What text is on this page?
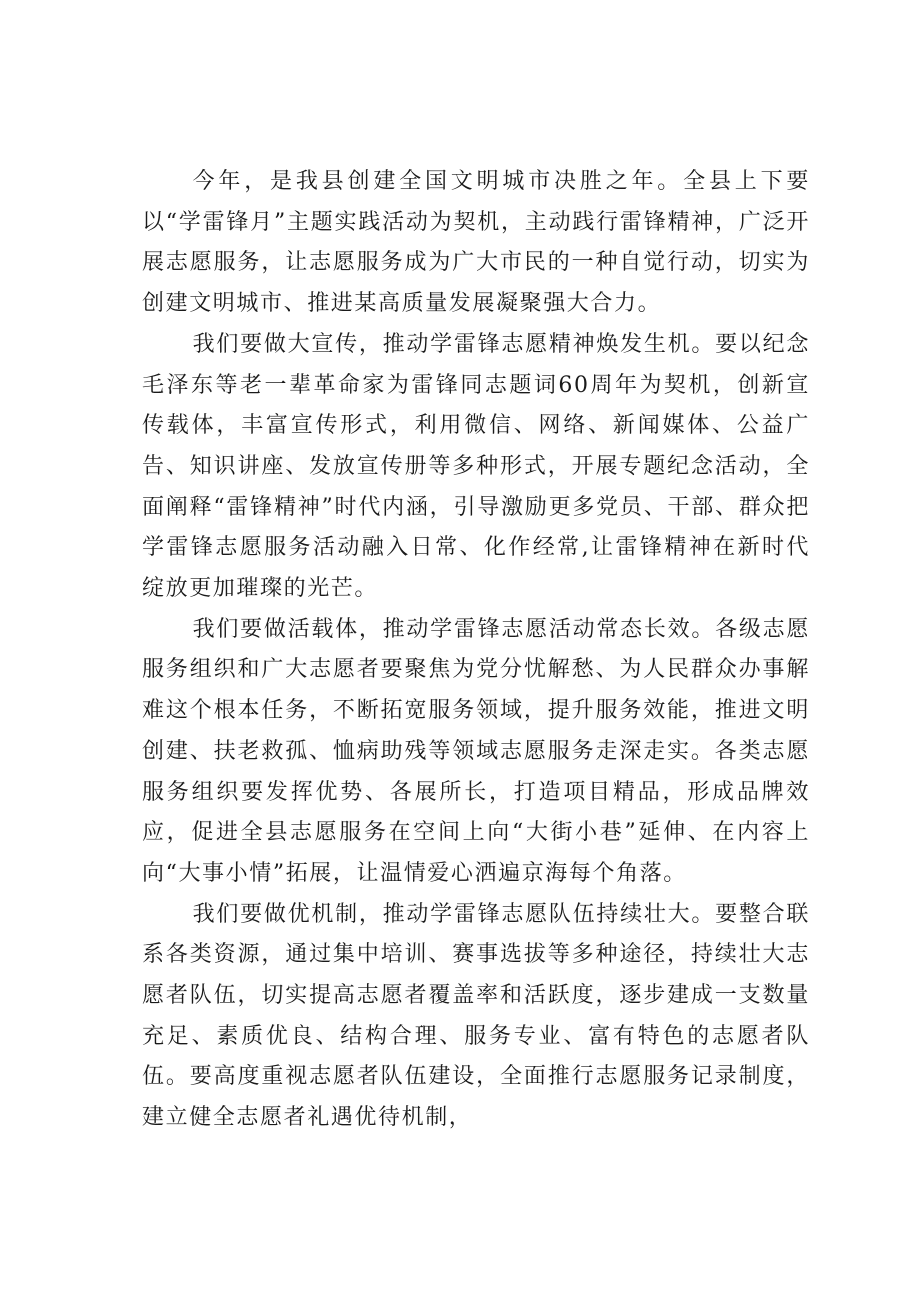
今年，是我县创建全国文明城市决胜之年。全县上下要以“学雷锋月”主题实践活动为契机，主动践行雷锋精神，广泛开展志愿服务，让志愿服务成为广大市民的一种自觉行动，切实为创建文明城市、推进某高质量发展凝聚强大合力。

我们要做大宣传，推动学雷锋志愿精神焕发生机。要以纪念毛泽东等老一辈革命家为雷锋同志题词60周年为契机，创新宣传载体，丰富宣传形式，利用微信、网络、新闻媒体、公益广告、知识讲座、发放宣传册等多种形式，开展专题纪念活动，全面阐释“雷锋精神”时代内涵，引导激励更多党员、干部、群众把学雷锋志愿服务活动融入日常、化作经常,让雷锋精神在新时代绽放更加璀璨的光芒。

我们要做活载体，推动学雷锋志愿活动常态长效。各级志愿服务组织和广大志愿者要聚焦为党分忧解愁、为人民群众办事解难这个根本任务，不断拓宽服务领域，提升服务效能，推进文明创建、扶老救孤、恤病助残等领域志愿服务走深走实。各类志愿服务组织要发挥优势、各展所长，打造项目精品，形成品牌效应，促进全县志愿服务在空间上向“大街小巷”延伸、在内容上向“大事小情”拓展，让温情爱心洒遍京海每个角落。

我们要做优机制，推动学雷锋志愿队伍持续壮大。要整合联系各类资源，通过集中培训、赛事选拔等多种途径，持续壮大志愿者队伍，切实提高志愿者覆盖率和活跃度，逐步建成一支数量充足、素质优良、结构合理、服务专业、富有特色的志愿者队伍。要高度重视志愿者队伍建设，全面推行志愿服务记录制度，建立健全志愿者礼遇优待机制，
